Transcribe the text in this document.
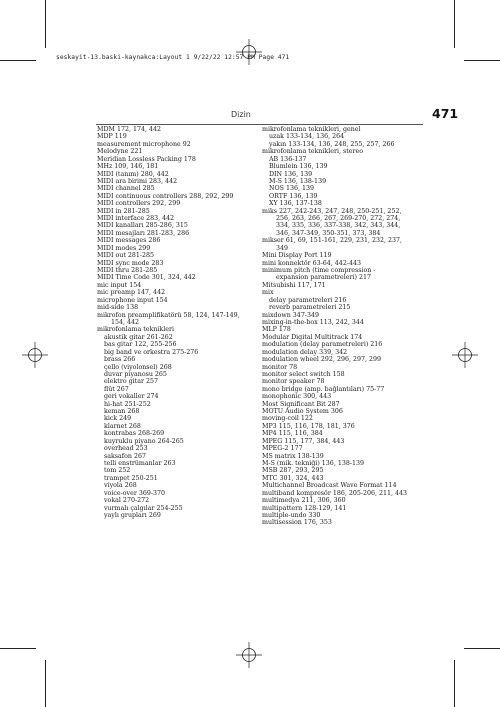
seskayit-13.baski-kaynakca:Layout 1 9/22/22 12:57 PM Page 471
Dizin	471
MDM 172, 174, 442
MDP 119
measurement microphone 92
Melodyne 221
Meridian Lossless Packing 178
MHz 109, 146, 181
MIDI (tanım) 280, 442
MIDI ara birimi 283, 442
MIDI channel 285
MIDI continuous controllers 288, 292, 299
MIDI controllers 292, 299
MIDI in 281-285
MIDI interface 283, 442
MIDI kanalları 285-286, 315
MIDI mesajları 281-283, 286
MIDI messages 286
MIDI modes 299
MIDI out 281-285
MIDI sync mode 283
MIDI thru 281-285
MIDI Time Code 301, 324, 442
mic input 154
mic preamp 147, 442
microphone input 154
mid-side 138
mikrofon preamplifikatörü 58, 124, 147-149,
154, 442
mikrofonlama teknikleri
akustik gitar 261-262
bas gitar 122, 255-256
big band ve orkestra 275-276
brass 266
çello (viyolonsel) 268
duvar piyanosu 265
elektro gitar 257
flüt 267
geri vokaller 274
hi-hat 251-252
keman 268
kick 249
klarnet 268
kontrabas 268-269
kuyruklu piyano 264-265
overhead 253
saksafon 267
telli enstrümanlar 263
tom 252
trampet 250-251
viyola 268
voice-over 369-370
vokal 270-272
vurmalı çalgılar 254-255
yaylı grupları 269
mikrofonlama teknikleri, genel
uzak 133-134, 136, 264
yakın 133-134, 136, 248, 255, 257, 266
mikrofonlama teknikleri, stereo
AB 136-137
Blumlein 136, 139
DIN 136, 139
M-S 136, 138-139
NOS 136, 139
ORTF 136, 139
XY 136, 137-138
miks 227, 242-243, 247, 248, 250-251, 252,
256, 263, 266, 267, 269-270, 272, 274,
334, 335, 336, 337-338, 342, 343, 344,
346, 347-349, 350-351, 373, 384
mikser 61, 69, 151-161, 229, 231, 232, 237,
349
Mini Display Port 119
mini konnektör 63-64, 442-443
minimum pitch (time compression -
expansion parametreleri) 217
Mitsubishi 117, 171
mix
delay parametreleri 216
reverb parametreleri 215
mixdown 347-349
mixing-in-the-box 113, 242, 344
MLP 178
Modular Digital Multitrack 174
modulation (delay parametreleri) 216
modulation delay 339, 342
modulation wheel 292, 296, 297, 299
monitor 78
monitor select switch 158
monitor speaker 78
mono bridge (amp. bağlantıları) 75-77
monophonic 300, 443
Most Significant Bit 287
MOTU Audio System 306
moving-coil 122
MP3 115, 116, 178, 181, 376
MP4 115, 116, 384
MPEG 115, 177, 384, 443
MPEG-2 177
MS matrix 138-139
M-S (mik. tekniği) 136, 138-139
MSB 287, 293, 295
MTC 301, 324, 443
Multichannel Broadcast Wave Format 114
multiband kompresör 186, 205-206, 211, 443
multimedya 211, 306, 360
multipattern 128-129, 141
multiple-undo 330
multisession 176, 353
